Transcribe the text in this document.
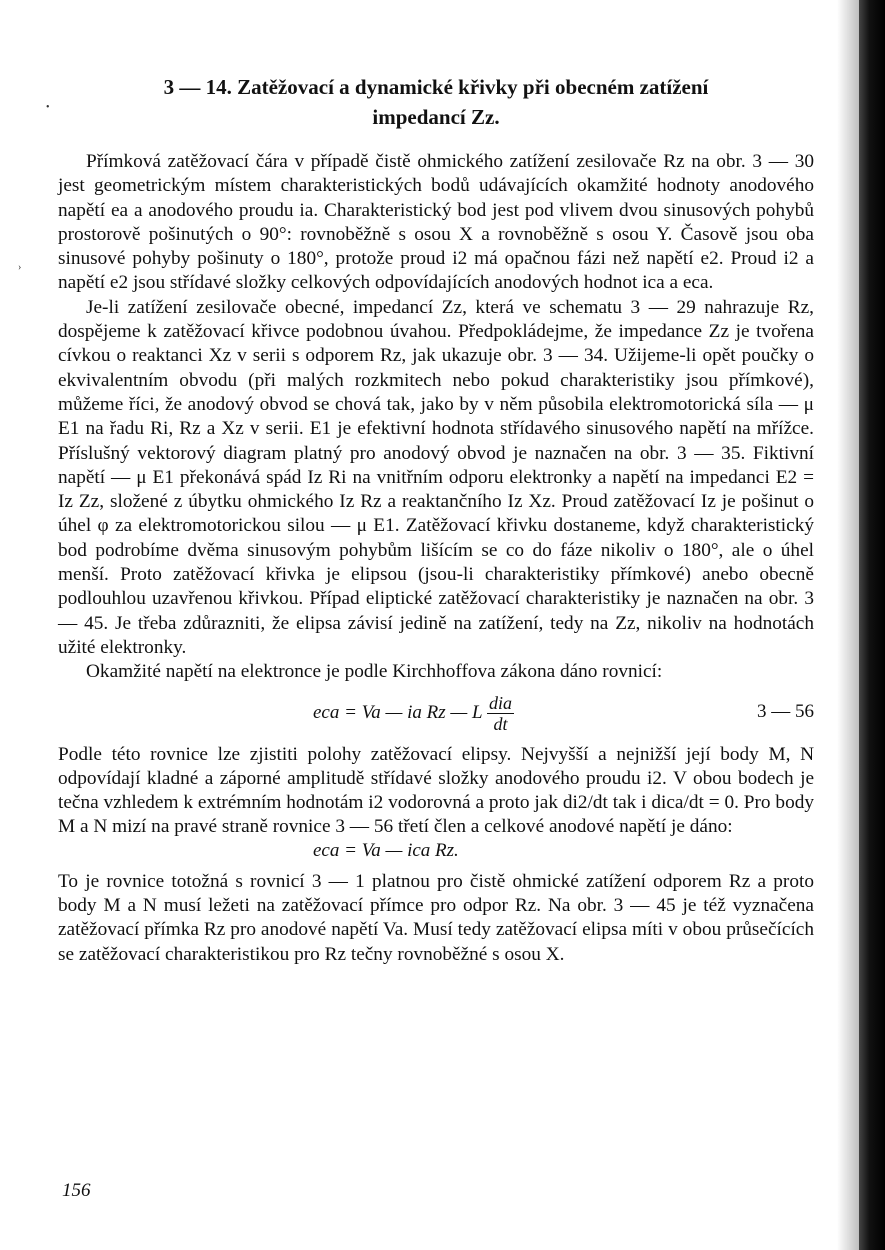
•
›
3 — 14. Zatěžovací a dynamické křivky při obecném zatížení
impedancí Zz.

Přímková zatěžovací čára v případě čistě ohmického zatížení zesilovače Rz na obr. 3 — 30 jest geometrickým místem charakteristických bodů udávajících okamžité hodnoty anodového napětí ea a anodového proudu ia. Charakteristický bod jest pod vlivem dvou sinusových pohybů prostorově pošinutých o 90°: rovnoběžně s osou X a rovnoběžně s osou Y. Časově jsou oba sinusové pohyby pošinuty o 180°, protože proud i2 má opačnou fázi než napětí e2. Proud i2 a napětí e2 jsou střídavé složky celkových odpovídajících anodových hodnot ica a eca.

Je-li zatížení zesilovače obecné, impedancí Zz, která ve schematu 3 — 29 nahrazuje Rz, dospějeme k zatěžovací křivce podobnou úvahou. Předpokládejme, že impedance Zz je tvořena cívkou o reaktanci Xz v serii s odporem Rz, jak ukazuje obr. 3 — 34. Užijeme-li opět poučky o ekvivalentním obvodu (při malých rozkmitech nebo pokud charakteristiky jsou přímkové), můžeme říci, že anodový obvod se chová tak, jako by v něm působila elektromotorická síla — μ E1 na řadu Ri, Rz a Xz v serii. E1 je efektivní hodnota střídavého sinusového napětí na mřížce. Příslušný vektorový diagram platný pro anodový obvod je naznačen na obr. 3 — 35. Fiktivní napětí — μ E1 překonává spád Iz Ri na vnitřním odporu elektronky a napětí na impedanci E2 = Iz Zz, složené z úbytku ohmického Iz Rz a reaktančního Iz Xz. Proud zatěžovací Iz je pošinut o úhel φ za elektromotorickou silou — μ E1. Zatěžovací křivku dostaneme, když charakteristický bod podrobíme dvěma sinusovým pohybům lišícím se co do fáze nikoliv o 180°, ale o úhel menší. Proto zatěžovací křivka je elipsou (jsou-li charakteristiky přímkové) anebo obecně podlouhlou uzavřenou křivkou. Případ eliptické zatěžovací charakteristiky je naznačen na obr. 3 — 45. Je třeba zdůrazniti, že elipsa závisí jedině na zatížení, tedy na Zz, nikoliv na hodnotách užité elektronky.

Okamžité napětí na elektronce je podle Kirchhoffova zákona dáno rovnicí:

eca = Va — ia Rz — L $\frac{\text{dia}}{dt}$	3 — 56

Podle této rovnice lze zjistiti polohy zatěžovací elipsy. Nejvyšší a nejnižší její body M, N odpovídají kladné a záporné amplitudě střídavé složky anodového proudu i2. V obou bodech je tečna vzhledem k extrémním hodnotám i2 vodorovná a proto jak di2/dt tak i dica/dt = 0. Pro body M a N mizí na pravé straně rovnice 3 — 56 třetí člen a celkové anodové napětí je dáno:

eca = Va — ica Rz.

To je rovnice totožná s rovnicí 3 — 1 platnou pro čistě ohmické zatížení odporem Rz a proto body M a N musí ležeti na zatěžovací přímce pro odpor Rz. Na obr. 3 — 45 je též vyznačena zatěžovací přímka Rz pro anodové napětí Va. Musí tedy zatěžovací elipsa míti v obou průsečících se zatěžovací charakteristikou pro Rz tečny rovnoběžné s osou X.

156
